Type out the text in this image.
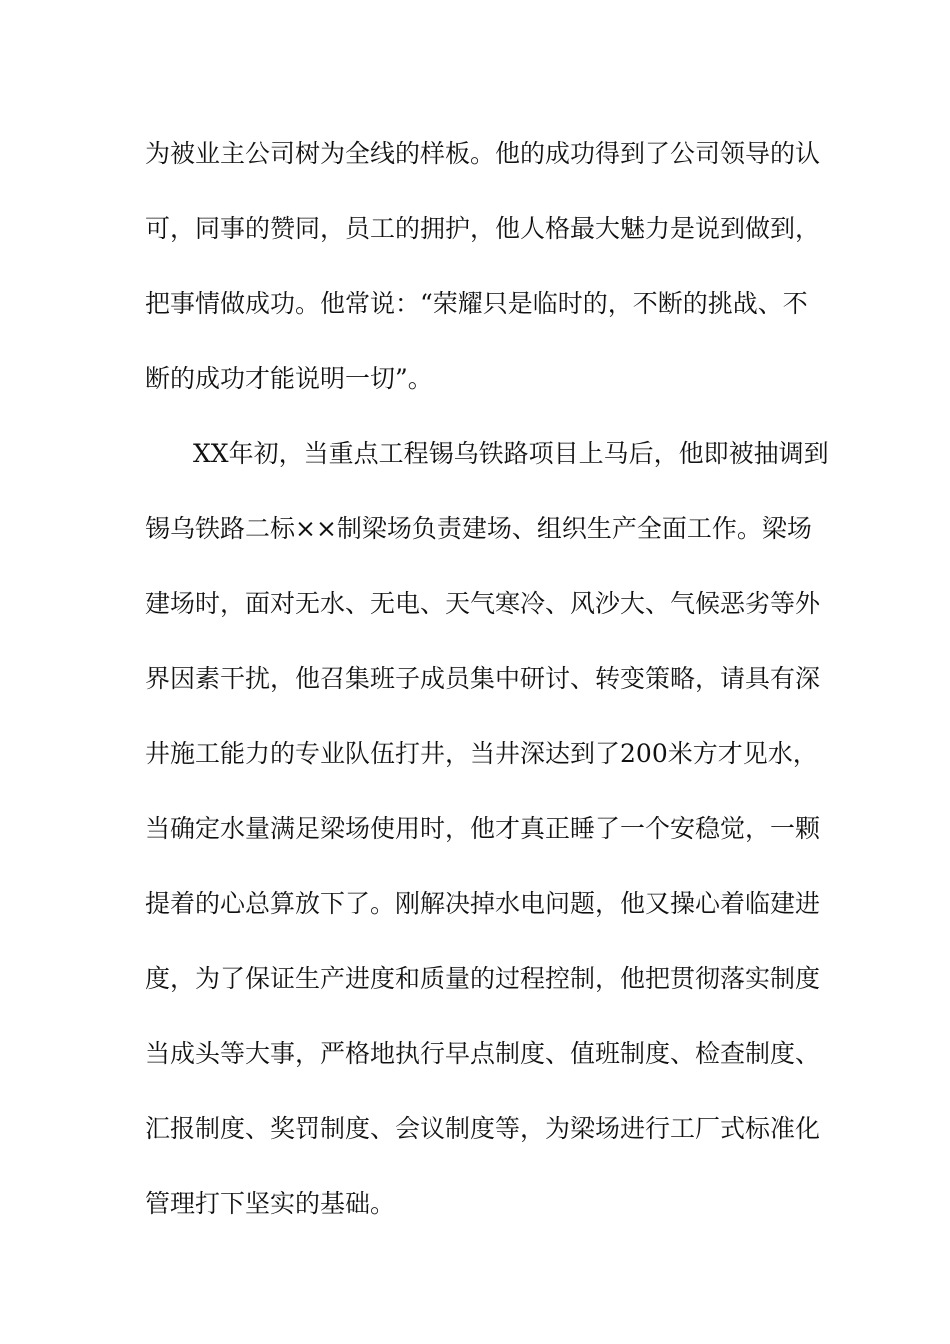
为被业主公司树为全线的样板。他的成功得到了公司领导的认
可，同事的赞同，员工的拥护，他人格最大魅力是说到做到，
把事情做成功。他常说：“荣耀只是临时的，不断的挑战、不
断的成功才能说明一切”。
XX年初，当重点工程锡乌铁路项目上马后，他即被抽调到
锡乌铁路二标××制梁场负责建场、组织生产全面工作。梁场
建场时，面对无水、无电、天气寒冷、风沙大、气候恶劣等外
界因素干扰，他召集班子成员集中研讨、转变策略，请具有深
井施工能力的专业队伍打井，当井深达到了200米方才见水，
当确定水量满足梁场使用时，他才真正睡了一个安稳觉，一颗
提着的心总算放下了。刚解决掉水电问题，他又操心着临建进
度，为了保证生产进度和质量的过程控制，他把贯彻落实制度
当成头等大事，严格地执行早点制度、值班制度、检查制度、
汇报制度、奖罚制度、会议制度等，为梁场进行工厂式标准化
管理打下坚实的基础。
